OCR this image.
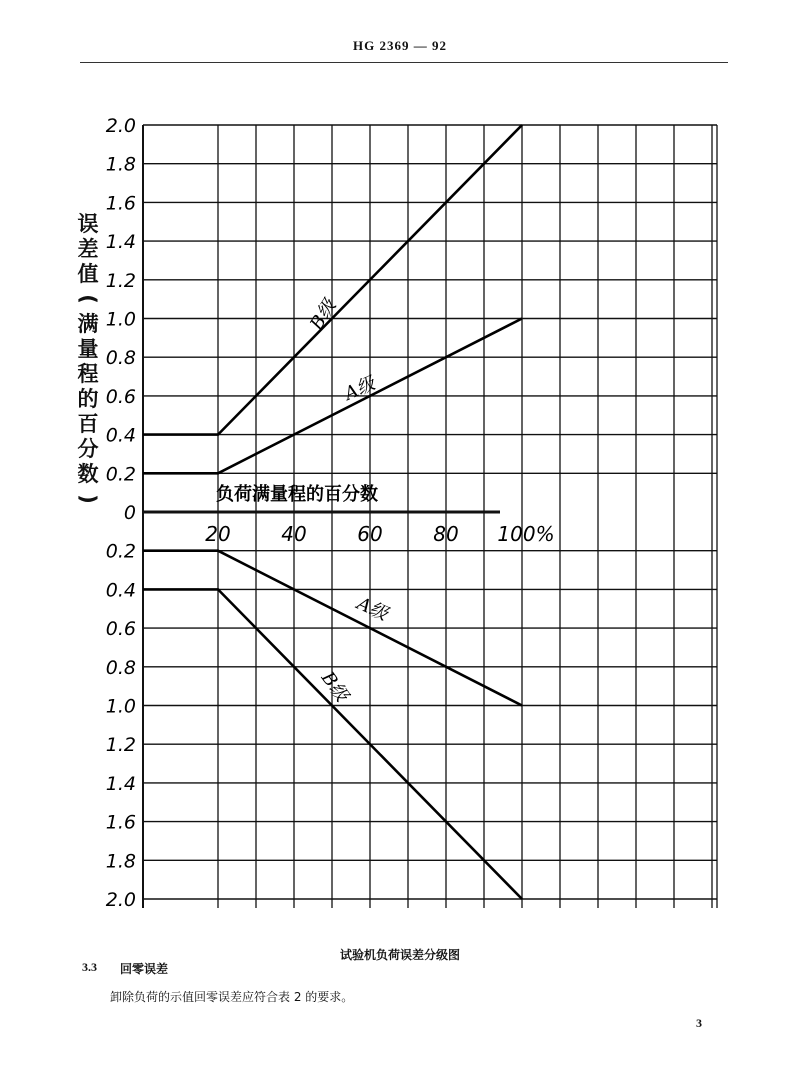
HG 2369 — 92
B级
A级
A级
B级
2.0
1.8
1.6
1.4
1.2
1.0
0.8
0.6
0.4
0.2
0
0.2
0.4
0.6
0.8
1.0
1.2
1.4
1.6
1.8
2.0
20	40	60	80 100%
负荷满量程的百分数
误
差
值
(
满
量
程
的
百
分
数
)
试验机负荷误差分级图
3.3 回零误差
卸除负荷的示值回零误差应符合表 2 的要求。
3
